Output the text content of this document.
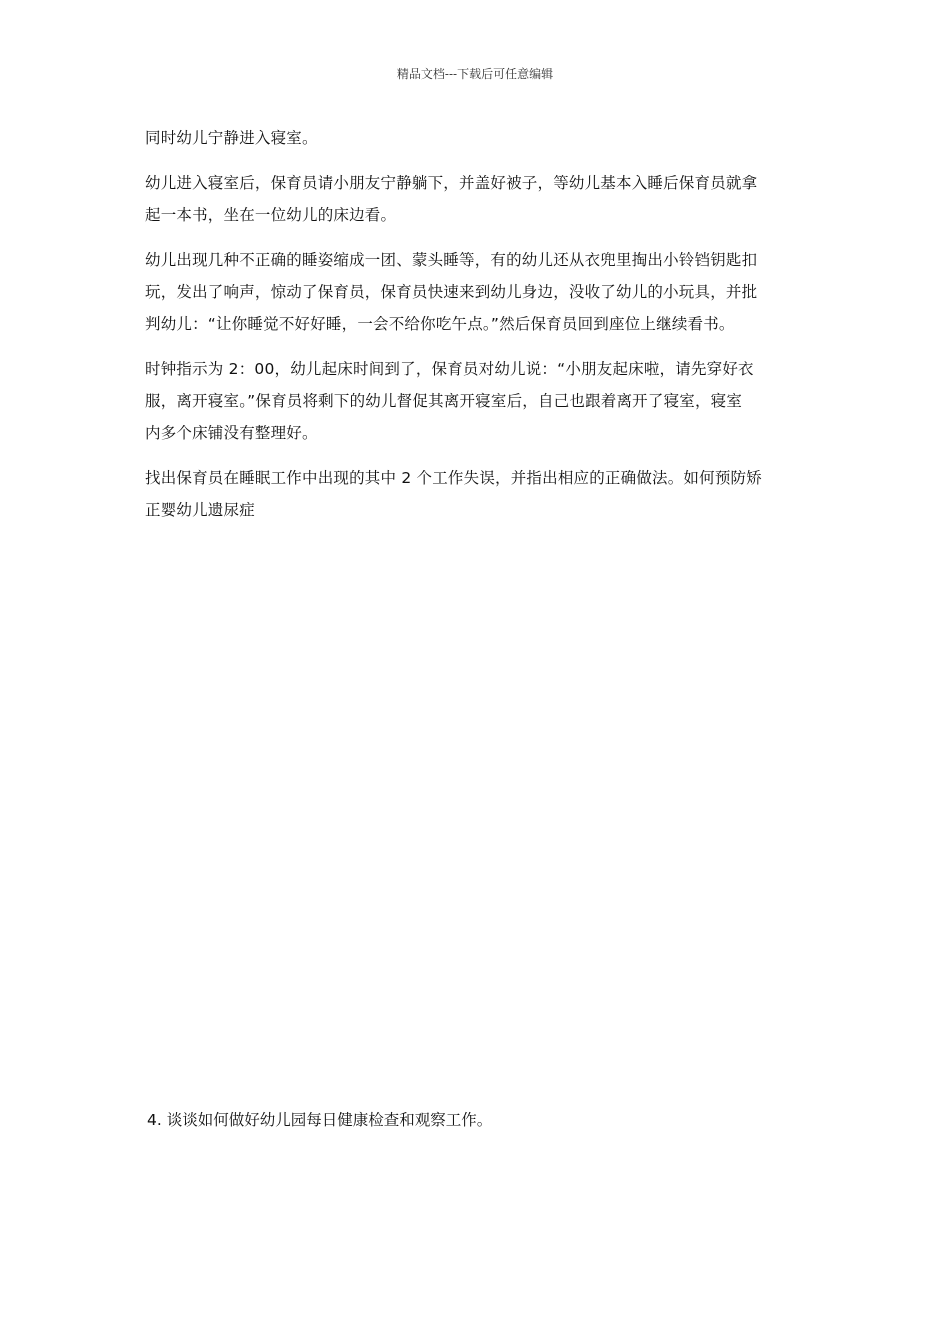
精品文档---下载后可任意编辑

同时幼儿宁静进入寝室。

幼儿进入寝室后，保育员请小朋友宁静躺下，并盖好被子，等幼儿基本入睡后保育员就拿
起一本书，坐在一位幼儿的床边看。

幼儿出现几种不正确的睡姿缩成一团、蒙头睡等，有的幼儿还从衣兜里掏出小铃铛钥匙扣
玩，发出了响声，惊动了保育员，保育员快速来到幼儿身边，没收了幼儿的小玩具，并批
判幼儿：“让你睡觉不好好睡，一会不给你吃午点。”然后保育员回到座位上继续看书。

时钟指示为 2：00，幼儿起床时间到了，保育员对幼儿说：“小朋友起床啦，请先穿好衣
服，离开寝室。”保育员将剩下的幼儿督促其离开寝室后，自己也跟着离开了寝室，寝室
内多个床铺没有整理好。

找出保育员在睡眠工作中出现的其中 2 个工作失误，并指出相应的正确做法。如何预防矫
正婴幼儿遗尿症

4. 谈谈如何做好幼儿园每日健康检查和观察工作。
